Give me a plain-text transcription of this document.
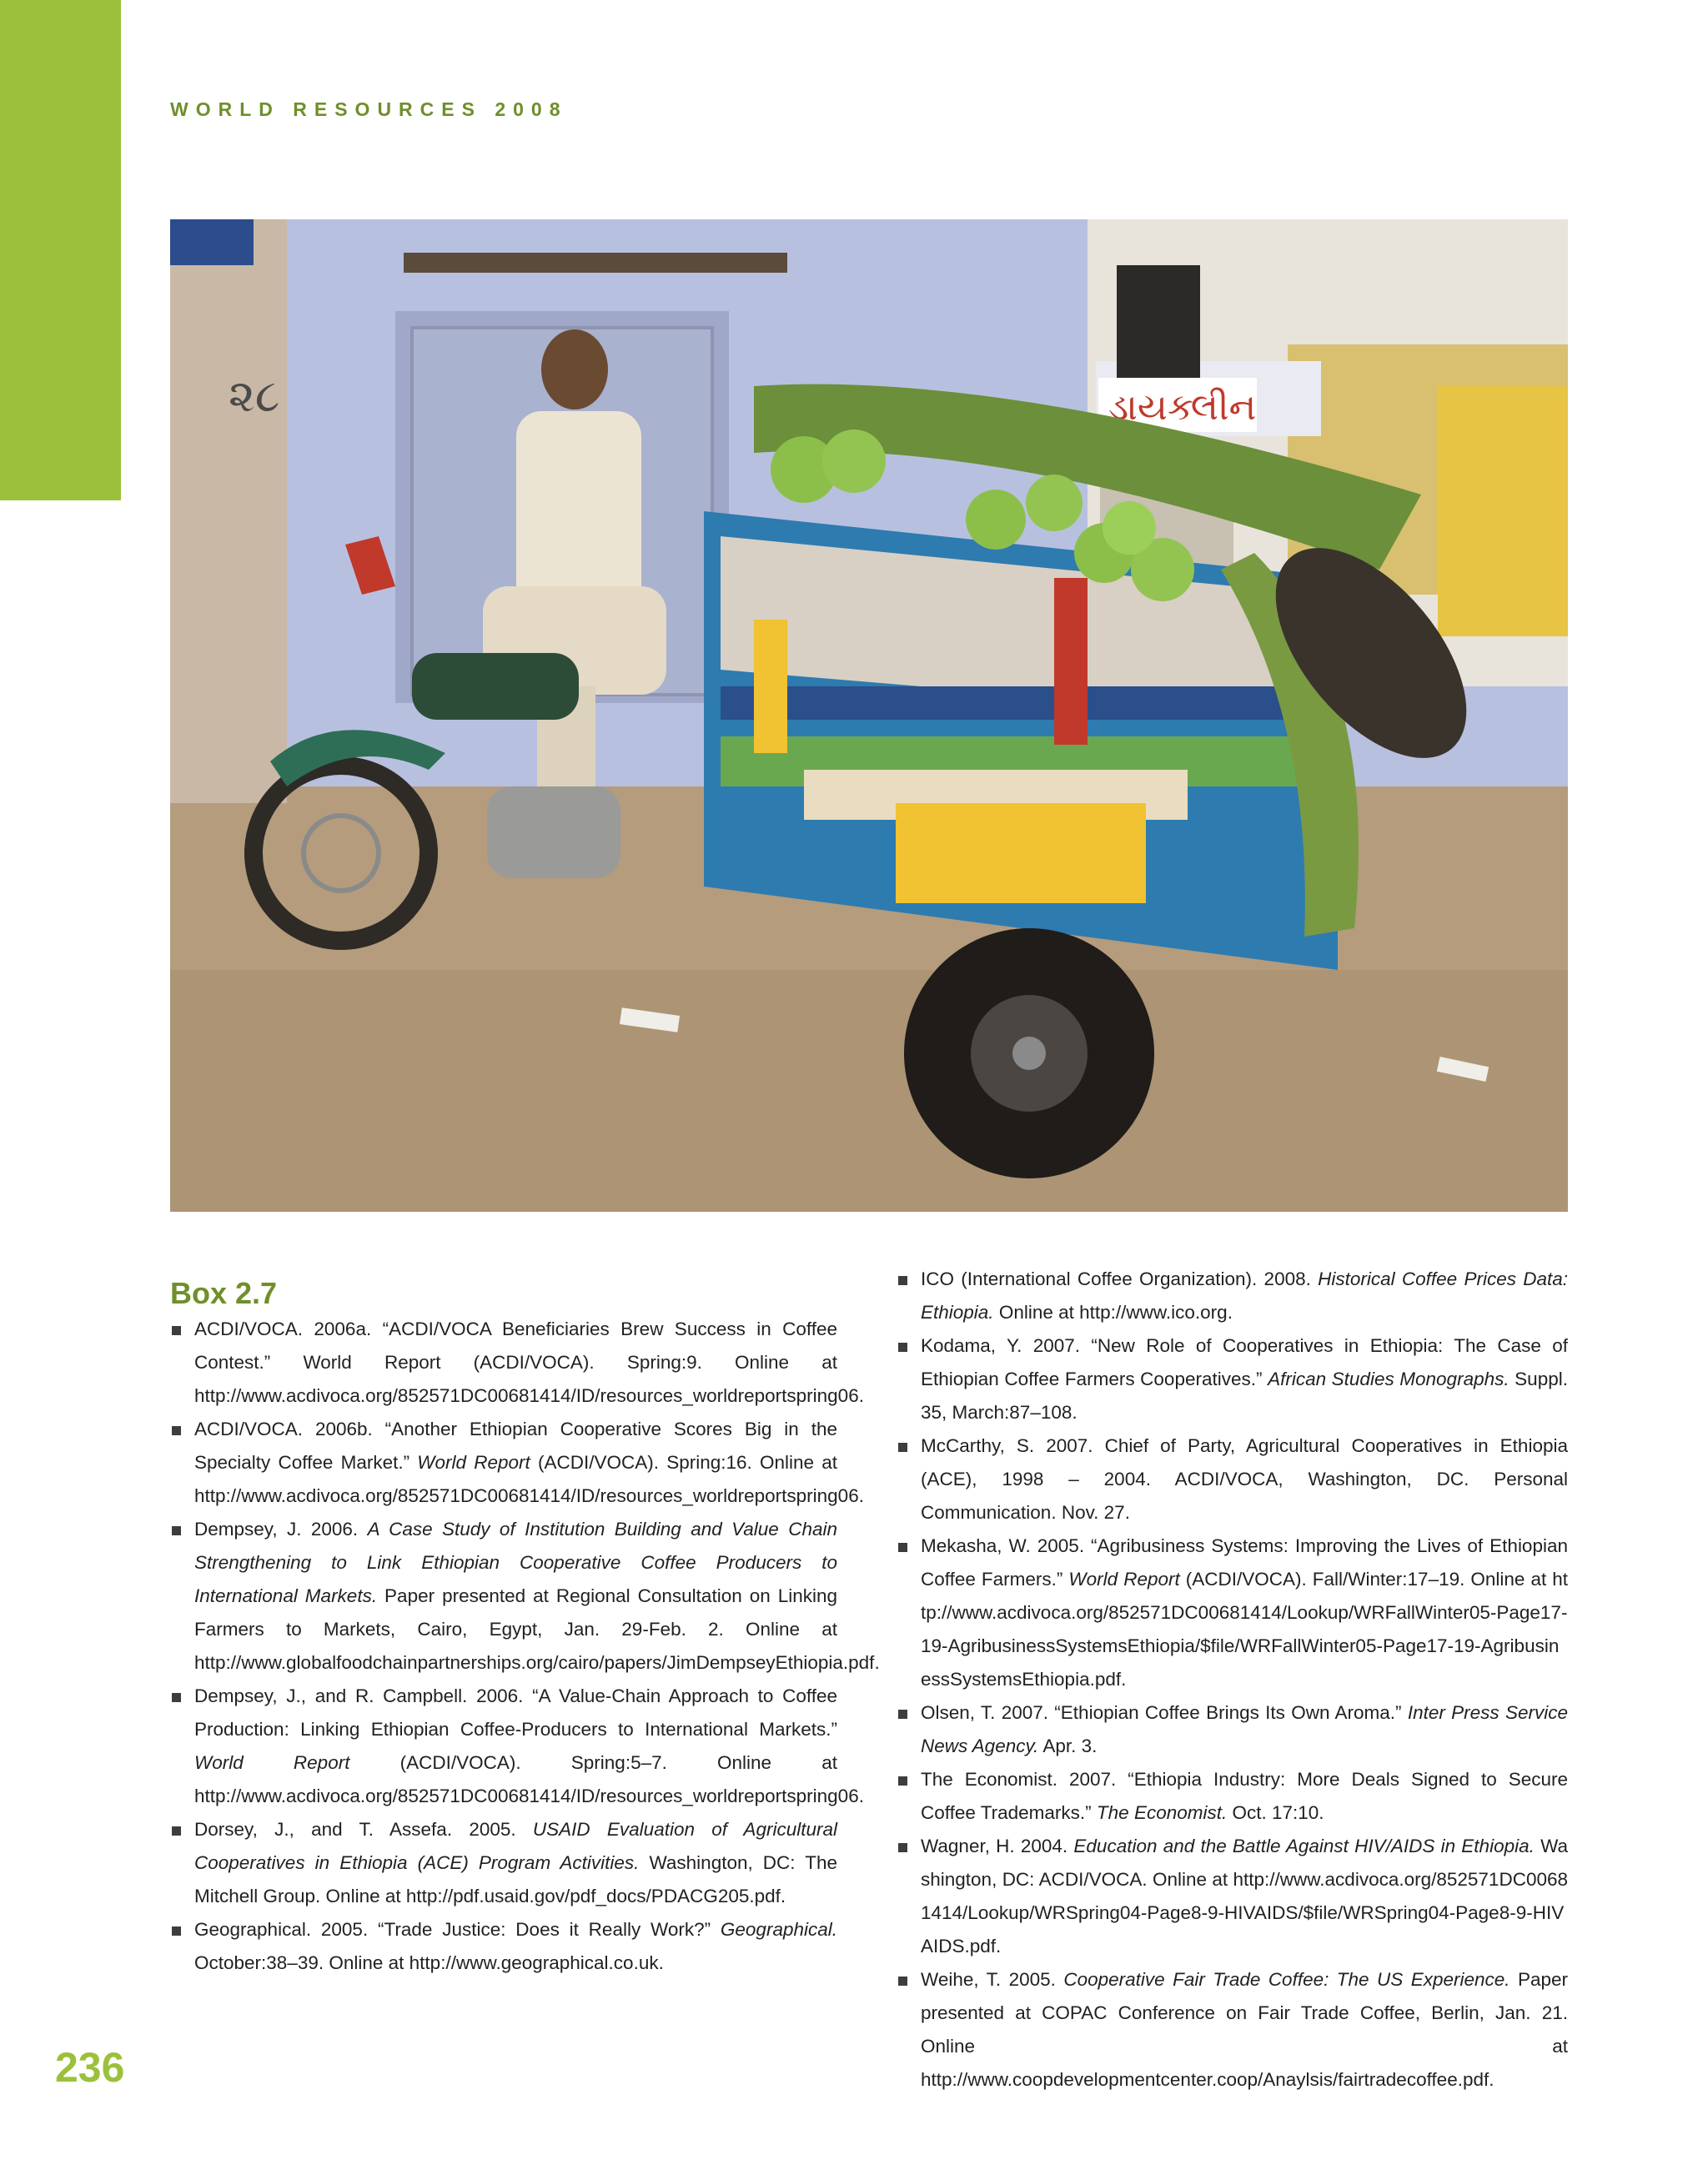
WORLD RESOURCES 2008
ડ્રાયક્લીન
૨૮
Box 2.7
ACDI/VOCA. 2006a. “ACDI/VOCA Beneficiaries Brew Success in Coffee Contest.” World Report (ACDI/VOCA). Spring:9. Online at http://www.acdivoca.org/852571DC00681414/ID/resources_worldreportspring06.
ACDI/VOCA. 2006b. “Another Ethiopian Cooperative Scores Big in the Specialty Coffee Market.” World Report (ACDI/VOCA). Spring:16. Online at http://www.acdivoca.org/852571DC00681414/ID/resources_worldreportspring06.
Dempsey, J. 2006. A Case Study of Institution Building and Value Chain Strengthening to Link Ethiopian Cooperative Coffee Producers to International Markets. Paper presented at Regional Consultation on Linking Farmers to Markets, Cairo, Egypt, Jan. 29-Feb. 2. Online at http://www.globalfoodchainpartnerships.org/cairo/papers/JimDempseyEthiopia.pdf.
Dempsey, J., and R. Campbell. 2006. “A Value-Chain Approach to Coffee Production: Linking Ethiopian Coffee-Producers to International Markets.” World Report (ACDI/VOCA). Spring:5–7. Online at http://www.acdivoca.org/852571DC00681414/ID/resources_worldreportspring06.
Dorsey, J., and T. Assefa. 2005. USAID Evaluation of Agricultural Cooperatives in Ethiopia (ACE) Program Activities. Washington, DC: The Mitchell Group. Online at http://pdf.usaid.gov/pdf_docs/PDACG205.pdf.
Geographical. 2005. “Trade Justice: Does it Really Work?” Geographical. October:38–39. Online at http://www.geographical.co.uk.
ICO (International Coffee Organization). 2008. Historical Coffee Prices Data: Ethiopia. Online at http://www.ico.org.
Kodama, Y. 2007. “New Role of Cooperatives in Ethiopia: The Case of Ethiopian Coffee Farmers Cooperatives.” African Studies Monographs. Suppl. 35, March:87–108.
McCarthy, S. 2007. Chief of Party, Agricultural Cooperatives in Ethiopia (ACE), 1998 – 2004. ACDI/VOCA, Washington, DC. Personal Communication. Nov. 27.
Mekasha, W. 2005. “Agribusiness Systems: Improving the Lives of Ethiopian Coffee Farmers.” World Report (ACDI/VOCA). Fall/Winter:17–19. Online at http://www.acdivoca.org/852571DC00681414/Lookup/WRFallWinter05-Page17-19-AgribusinessSystemsEthiopia/$file/WRFallWinter05-Page17-19-AgribusinessSystemsEthiopia.pdf.
Olsen, T. 2007. “Ethiopian Coffee Brings Its Own Aroma.” Inter Press Service News Agency. Apr. 3.
The Economist. 2007. “Ethiopia Industry: More Deals Signed to Secure Coffee Trademarks.” The Economist. Oct. 17:10.
Wagner, H. 2004. Education and the Battle Against HIV/AIDS in Ethiopia. Washington, DC: ACDI/VOCA. Online at http://www.acdivoca.org/852571DC00681414/Lookup/WRSpring04-Page8-9-HIVAIDS/$file/WRSpring04-Page8-9-HIVAIDS.pdf.
Weihe, T. 2005. Cooperative Fair Trade Coffee: The US Experience. Paper presented at COPAC Conference on Fair Trade Coffee, Berlin, Jan. 21. Online at http://www.coopdevelopmentcenter.coop/Anaylsis/fairtradecoffee.pdf.
236
